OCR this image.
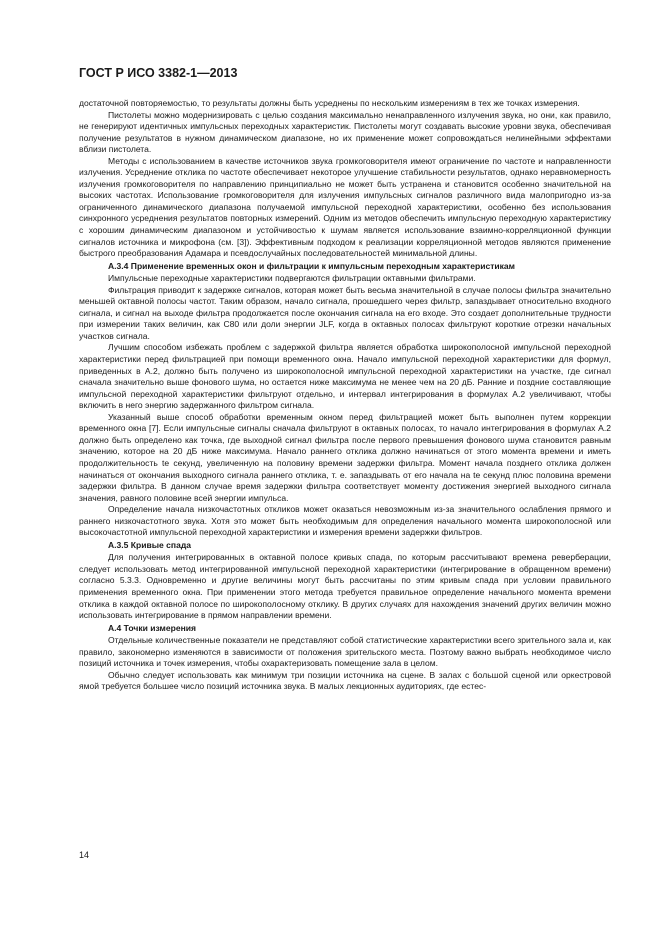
ГОСТ Р ИСО 3382-1—2013

достаточной повторяемостью, то результаты должны быть усреднены по нескольким измерениям в тех же точках измерения.

Пистолеты можно модернизировать с целью создания максимально ненаправленного излучения звука, но они, как правило, не генерируют идентичных импульсных переходных характеристик. Пистолеты могут создавать высокие уровни звука, обеспечивая получение результатов в нужном динамическом диапазоне, но их применение может сопровождаться нелинейными эффектами вблизи пистолета.

Методы с использованием в качестве источников звука громкоговорителя имеют ограничение по частоте и направленности излучения. Усреднение отклика по частоте обеспечивает некоторое улучшение стабильности результатов, однако неравномерность излучения громкоговорителя по направлению принципиально не может быть устранена и становится особенно значительной на высоких частотах. Использование громкоговорителя для излучения импульсных сигналов различного вида малопригодно из-за ограниченного динамического диапазона получаемой импульсной переходной характеристики, особенно без использования синхронного усреднения результатов повторных измерений. Одним из методов обеспечить импульсную переходную характеристику с хорошим динамическим диапазоном и устойчивостью к шумам является использование взаимно-корреляционной функции сигналов источника и микрофона (см. [3]). Эффективным подходом к реализации корреляционной методов являются применение быстрого преобразования Адамара и псевдослучайных последовательностей минимальной длины.

А.3.4 Применение временных окон и фильтрации к импульсным переходным характеристикам

Импульсные переходные характеристики подвергаются фильтрации октавными фильтрами.

Фильтрация приводит к задержке сигналов, которая может быть весьма значительной в случае полосы фильтра значительно меньшей октавной полосы частот. Таким образом, начало сигнала, прошедшего через фильтр, запаздывает относительно входного сигнала, и сигнал на выходе фильтра продолжается после окончания сигнала на его входе. Это создает дополнительные трудности при измерении таких величин, как C80 или доли энергии JLF, когда в октавных полосах фильтруют короткие отрезки начальных участков сигнала.

Лучшим способом избежать проблем с задержкой фильтра является обработка широкополосной импульсной переходной характеристики перед фильтрацией при помощи временного окна. Начало импульсной переходной характеристики для формул, приведенных в А.2, должно быть получено из широкополосной импульсной переходной характеристики на участке, где сигнал сначала значительно выше фонового шума, но остается ниже максимума не менее чем на 20 дБ. Ранние и поздние составляющие импульсной переходной характеристики фильтруют отдельно, и интервал интегрирования в формулах А.2 увеличивают, чтобы включить в него энергию задержанного фильтром сигнала.

Указанный выше способ обработки временным окном перед фильтрацией может быть выполнен путем коррекции временного окна [7]. Если импульсные сигналы сначала фильтруют в октавных полосах, то начало интегрирования в формулах А.2 должно быть определено как точка, где выходной сигнал фильтра после первого превышения фонового шума становится равным значению, которое на 20 дБ ниже максимума. Начало раннего отклика должно начинаться от этого момента времени и иметь продолжительность te секунд, увеличенную на половину времени задержки фильтра. Момент начала позднего отклика должен начинаться от окончания выходного сигнала раннего отклика, т. е. запаздывать от его начала на te секунд плюс половина времени задержки фильтра. В данном случае время задержки фильтра соответствует моменту достижения энергией выходного сигнала значения, равного половине всей энергии импульса.

Определение начала низкочастотных откликов может оказаться невозможным из-за значительного ослабления прямого и раннего низкочастотного звука. Хотя это может быть необходимым для определения начального момента широкополосной или высокочастотной импульсной переходной характеристики и измерения времени задержки фильтров.

А.3.5 Кривые спада

Для получения интегрированных в октавной полосе кривых спада, по которым рассчитывают времена реверберации, следует использовать метод интегрированной импульсной переходной характеристики (интегрирование в обращенном времени) согласно 5.3.3. Одновременно и другие величины могут быть рассчитаны по этим кривым спада при условии правильного применения временного окна. При применении этого метода требуется правильное определение начального момента времени отклика в каждой октавной полосе по широкополосному отклику. В других случаях для нахождения значений других величин можно использовать интегрирование в прямом направлении времени.

А.4 Точки измерения

Отдельные количественные показатели не представляют собой статистические характеристики всего зрительного зала и, как правило, закономерно изменяются в зависимости от положения зрительского места. Поэтому важно выбрать необходимое число позиций источника и точек измерения, чтобы охарактеризовать помещение зала в целом.

Обычно следует использовать как минимум три позиции источника на сцене. В залах с большой сценой или оркестровой ямой требуется большее число позиций источника звука. В малых лекционных аудиториях, где естес-

14
